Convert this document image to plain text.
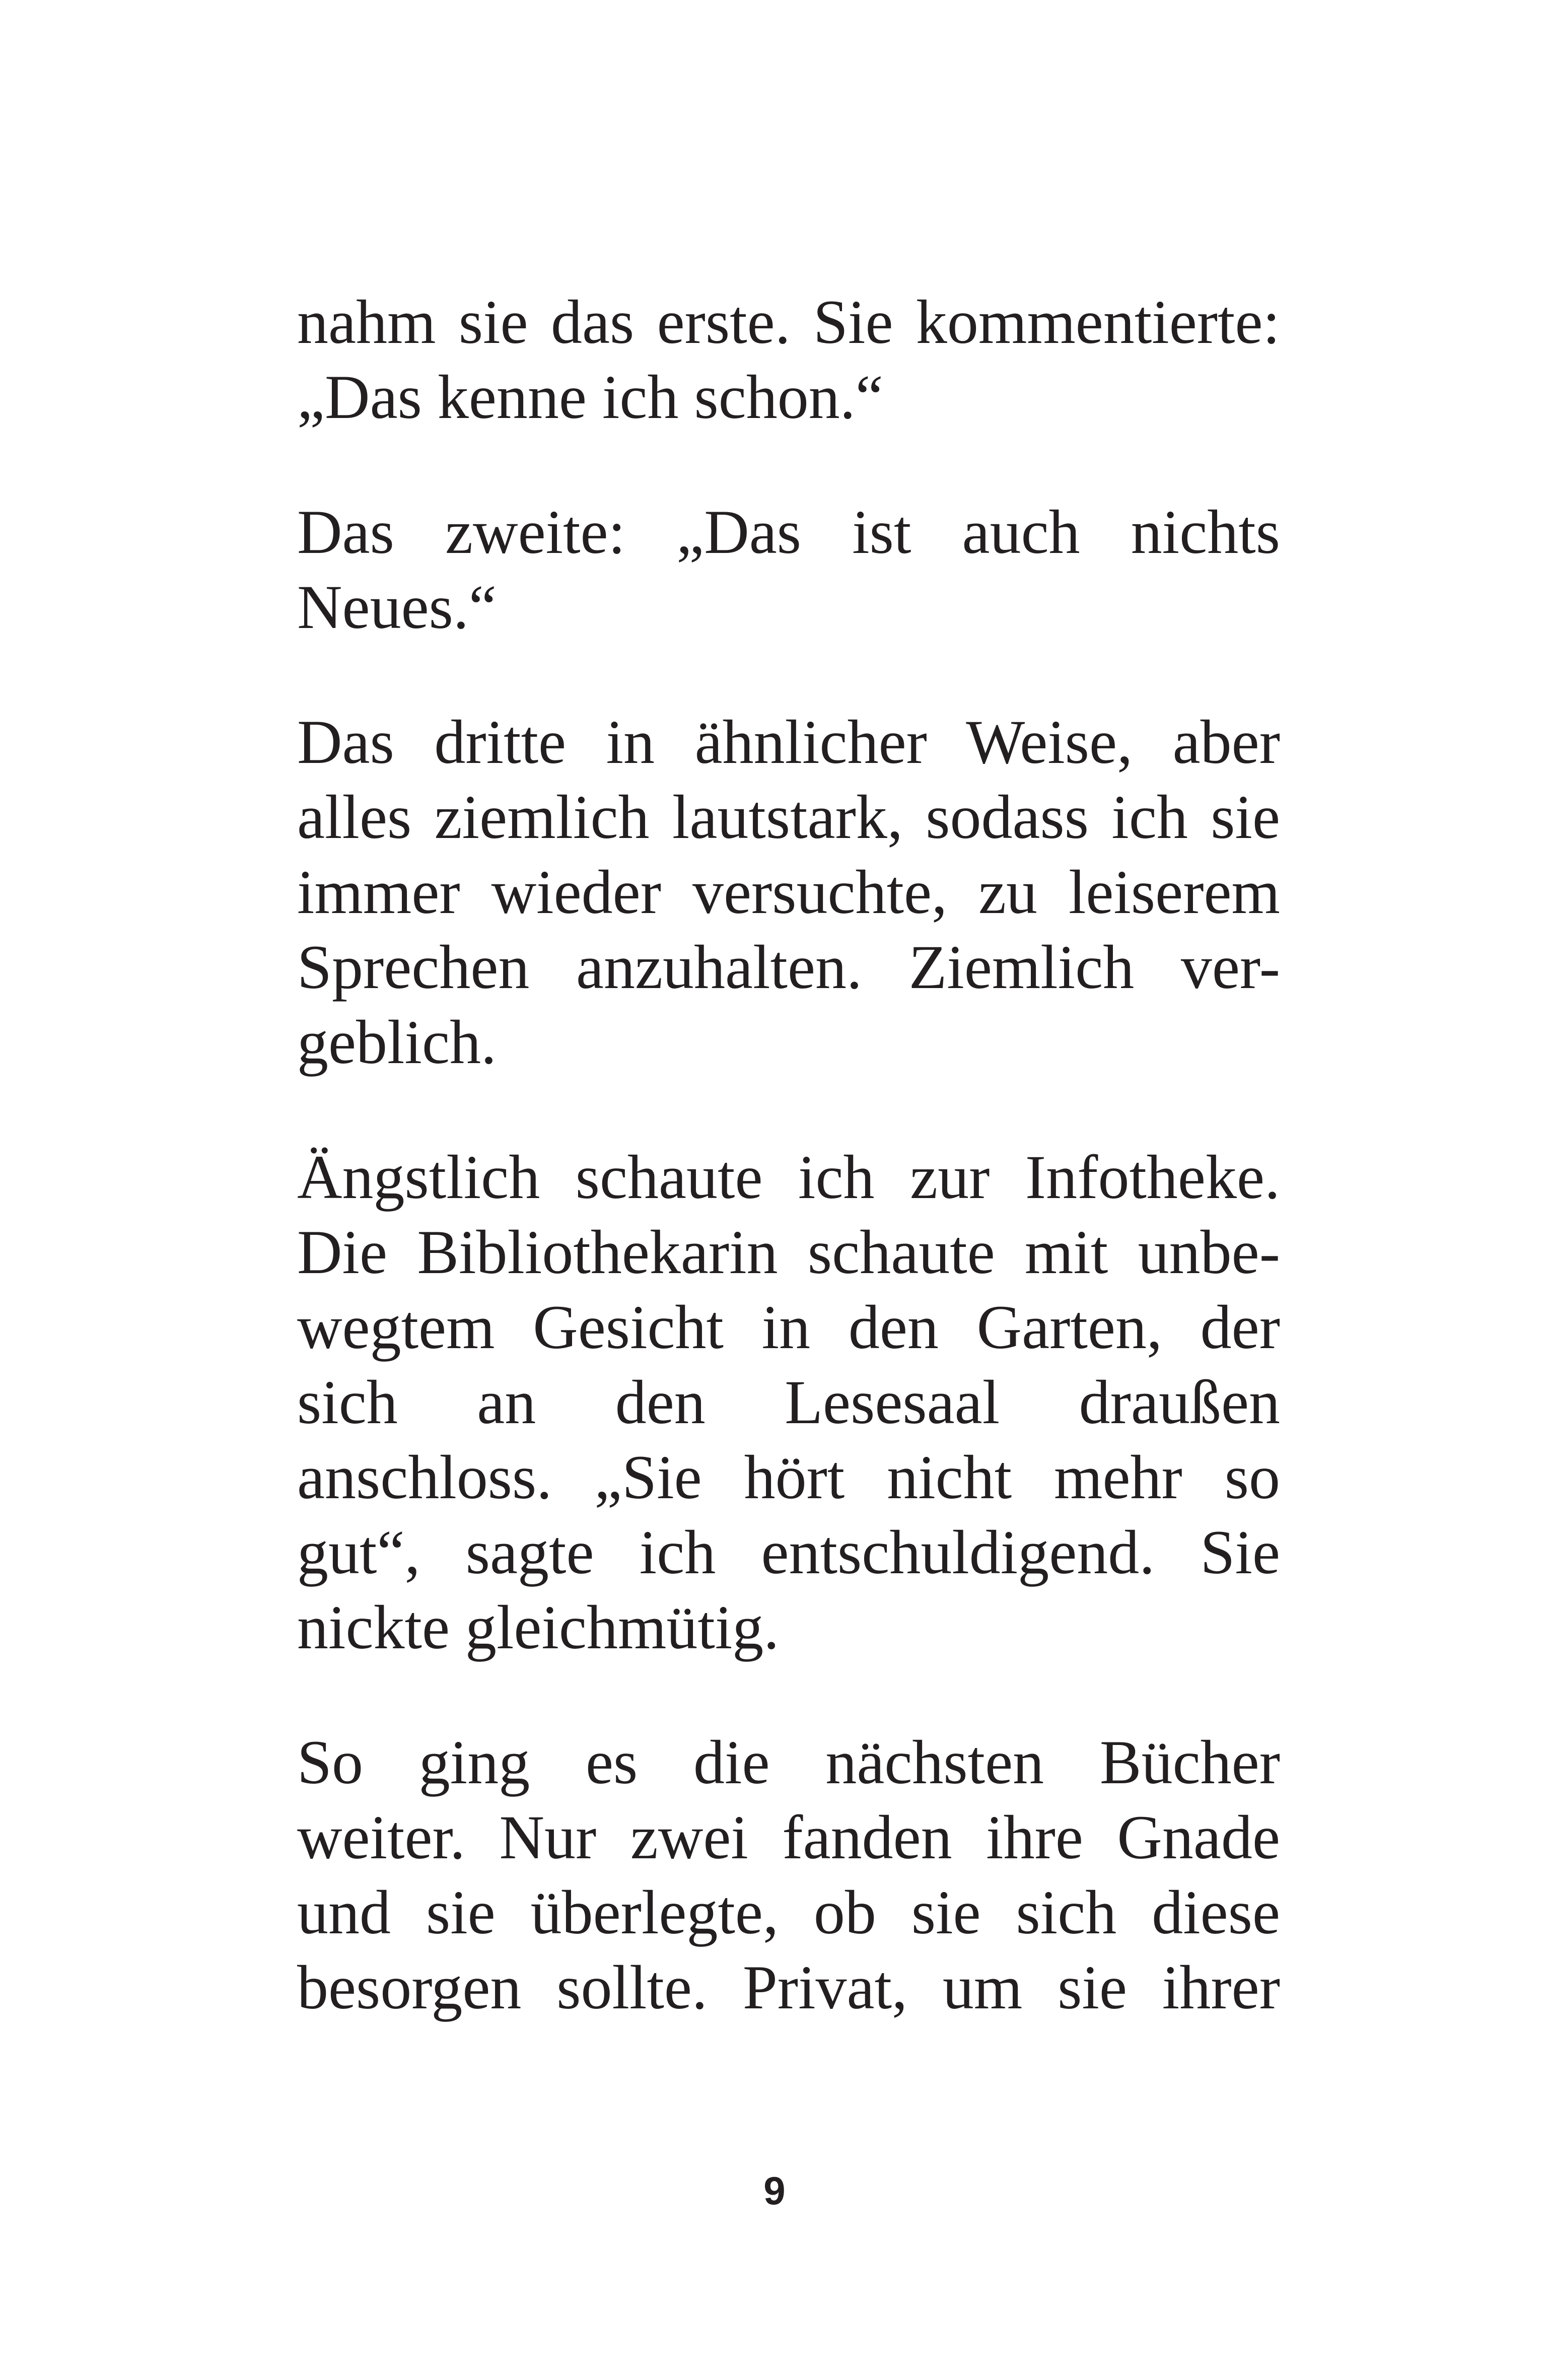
nahm sie das erste. Sie kommentierte:
„Das kenne ich schon.“

Das zweite: „Das ist auch nichts
Neues.“

Das dritte in ähnlicher Weise, aber
alles ziemlich lautstark, sodass ich sie
immer wieder versuchte, zu leiserem
Sprechen anzuhalten. Ziemlich ver-
geblich.

Ängstlich schaute ich zur Infotheke.
Die Bibliothekarin schaute mit unbe-
wegtem Gesicht in den Garten, der
sich an den Lesesaal draußen
anschloss. „Sie hört nicht mehr so
gut“, sagte ich entschuldigend. Sie
nickte gleichmütig.

So ging es die nächsten Bücher
weiter. Nur zwei fanden ihre Gnade
und sie überlegte, ob sie sich diese
besorgen sollte. Privat, um sie ihrer

9
